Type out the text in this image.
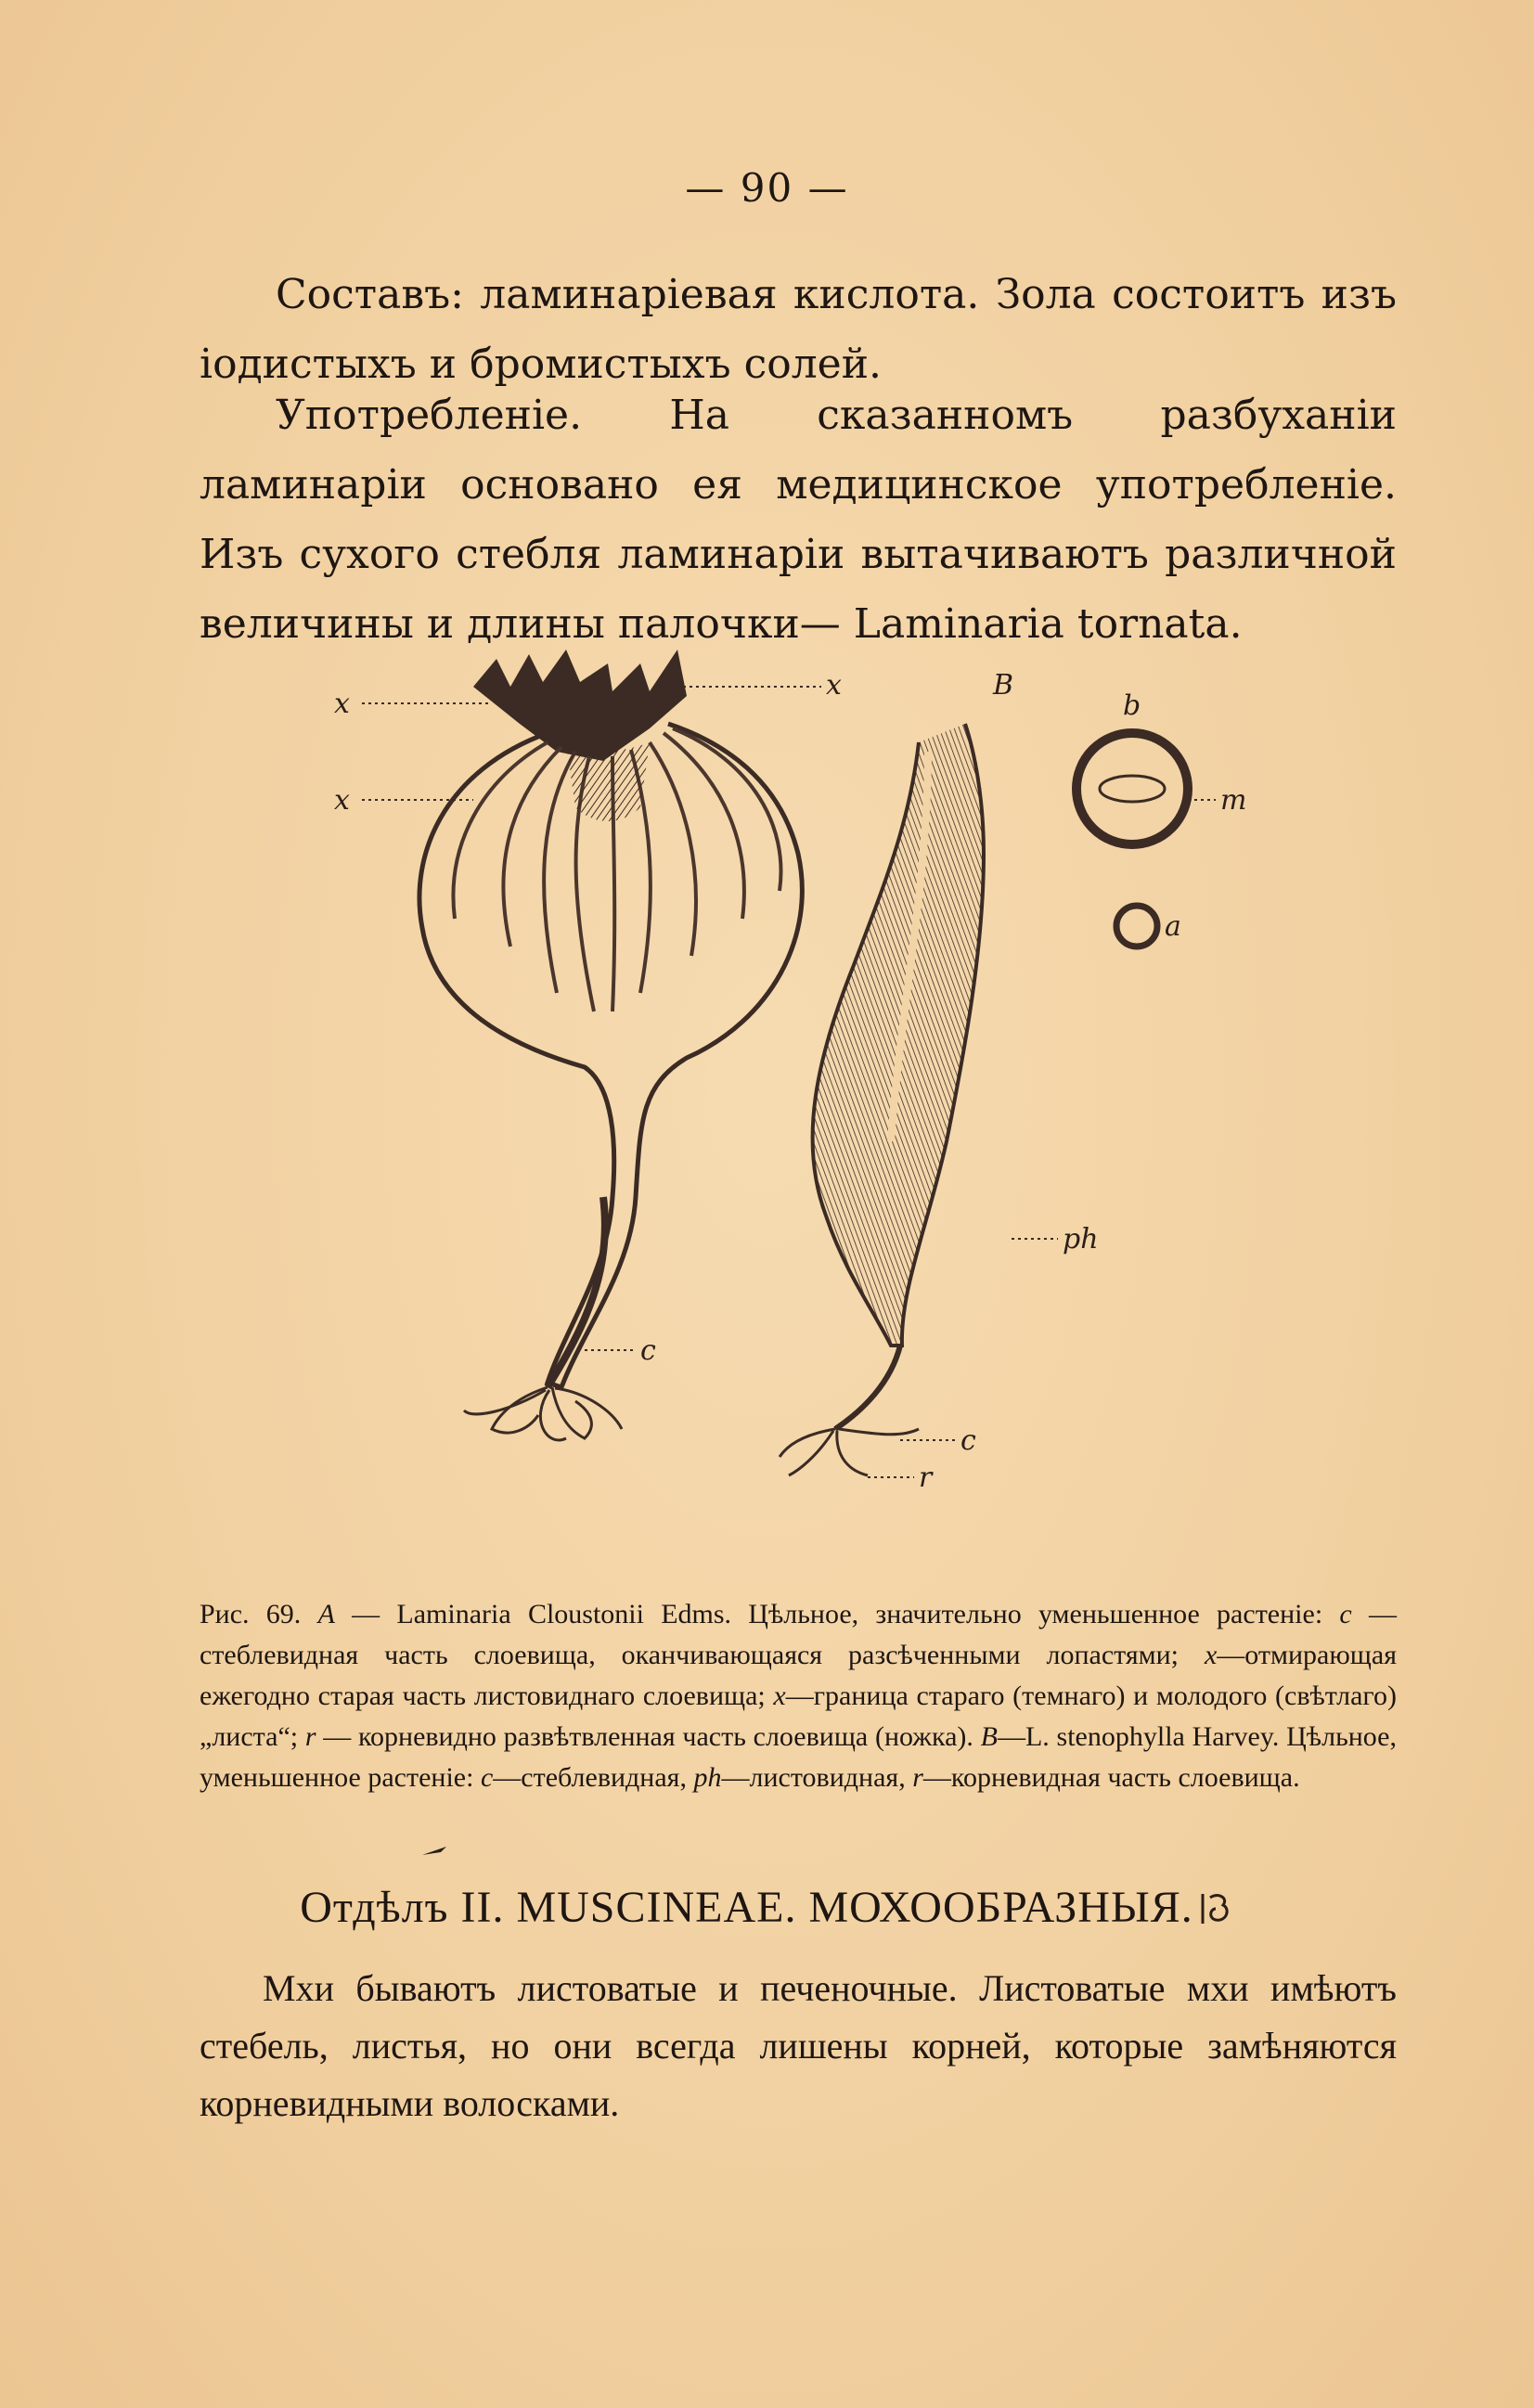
— 90 —
Составъ: ламинаріевая кислота. Зола состоитъ изъ іодистыхъ и бромистыхъ солей.
Употребленіе. На сказанномъ разбуханіи ламинаріи основано ея медицинское употребленіе. Изъ сухого стебля ламинаріи вытачиваютъ различной величины и длины палочки— Laminaria tornata.
x
x
x	B
b
m
a
ph
c
c
r
Рис. 69. A — Laminaria Cloustonii Edms. Цѣльное, значительно уменьшенное растеніе: c — стеблевидная часть слоевища, оканчивающаяся разсѣченными лопастями; x—отмирающая ежегодно старая часть листовиднаго слоевища; x—граница стараго (темнаго) и молодого (свѣтлаго) „листа“; r — корневидно развѣтвленная часть слоевища (ножка). B—L. stenophylla Harvey. Цѣльное, уменьшенное растеніе: c—стеблевидная, ph—листовидная, r—корневидная часть слоевища.
Отдѣлъ II. MUSCINEAE. МОХООБРАЗНЫЯ.
Мхи бываютъ листоватые и печеночные. Листоватые мхи имѣютъ стебель, листья, но они всегда лишены корней, которые замѣняются корневидными волосками.
